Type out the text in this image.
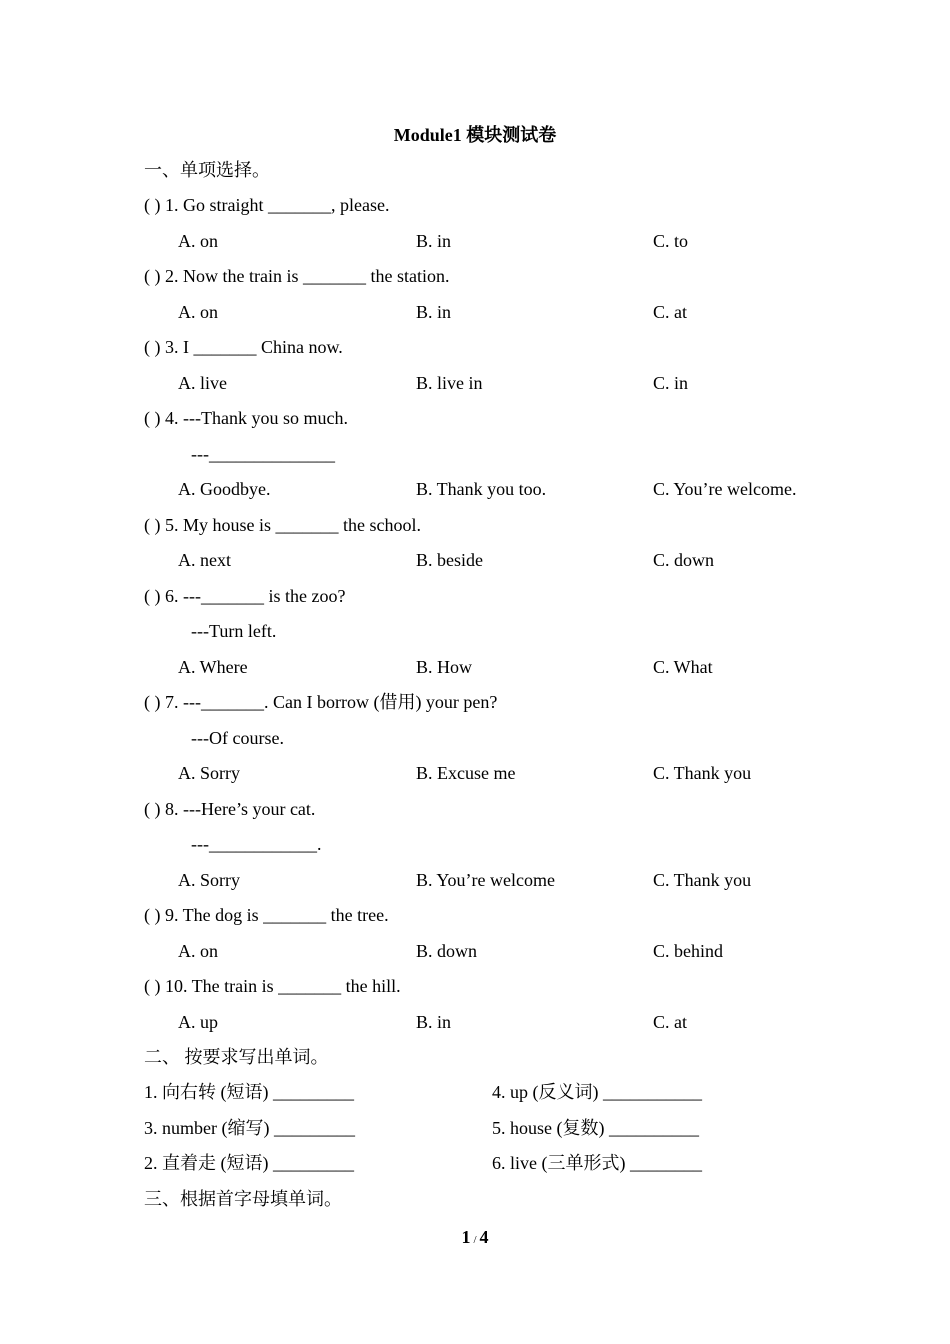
Module1 模块测试卷
一、单项选择。
( ) 1. Go straight _______, please.
A. on	B. in	C. to
( ) 2. Now the train is _______ the station.
A. on	B. in	C. at
( ) 3. I _______ China now.
A. live	B. live in	C. in
( ) 4. ---Thank you so much.
---______________
A. Goodbye.	B. Thank you too.	C. You’re welcome.
( ) 5. My house is _______ the school.
A. next	B. beside	C. down
( ) 6. ---_______ is the zoo?
---Turn left.
A. Where	B. How	C. What
( ) 7. ---_______. Can I borrow (借用) your pen?
---Of course.
A. Sorry	B. Excuse me	C. Thank you
( ) 8. ---Here’s your cat.
---____________.
A. Sorry	B. You’re welcome	C. Thank you
( ) 9. The dog is _______ the tree.
A. on	B. down	C. behind
( ) 10. The train is _______ the hill.
A. up	B. in	C. at
二、 按要求写出单词。
1. 向右转 (短语) _________	4. up (反义词) ___________
3. number (缩写) _________	5. house (复数) __________
2. 直着走 (短语) _________	6. live (三单形式) ________
三、根据首字母填单词。
1 / 4
